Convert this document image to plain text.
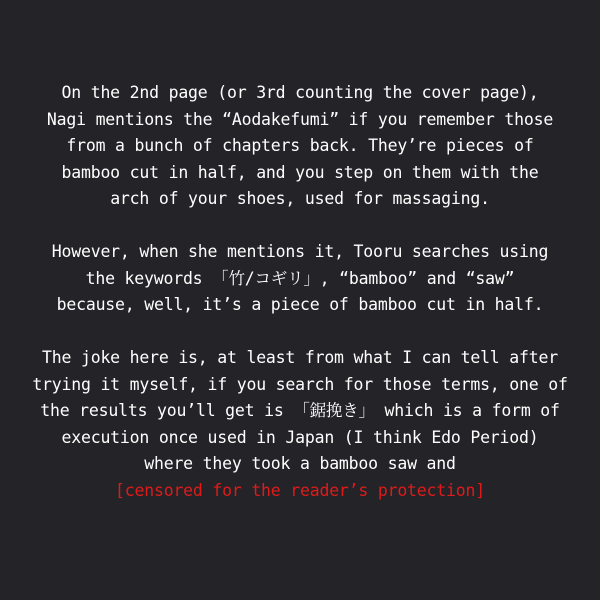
On the 2nd page (or 3rd counting the cover page),
Nagi mentions the “Aodakefumi” if you remember those
from a bunch of chapters back. They’re pieces of
bamboo cut in half, and you step on them with the
arch of your shoes, used for massaging.
However, when she mentions it, Tooru searches using
the keywords 「竹/コギリ」, “bamboo” and “saw”
because, well, it’s a piece of bamboo cut in half.
The joke here is, at least from what I can tell after
trying it myself, if you search for those terms, one of
the results you’ll get is 「鋸挽き」 which is a form of
execution once used in Japan (I think Edo Period)
where they took a bamboo saw and
[censored for the reader’s protection]
